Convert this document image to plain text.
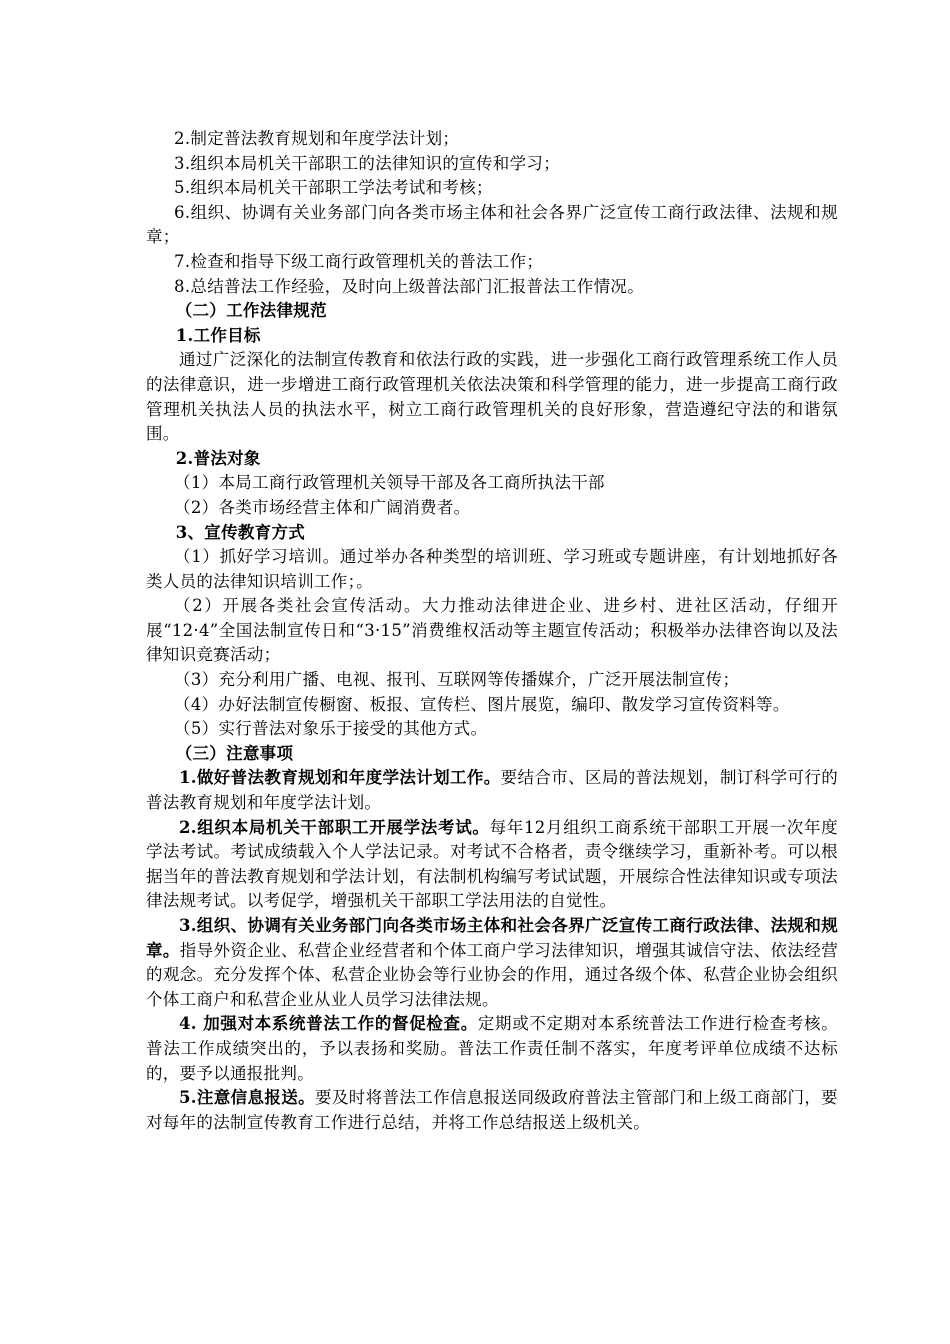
2.制定普法教育规划和年度学法计划；

3.组织本局机关干部职工的法律知识的宣传和学习；

5.组织本局机关干部职工学法考试和考核；

6.组织、协调有关业务部门向各类市场主体和社会各界广泛宣传工商行政法律、法规和规章；

7.检查和指导下级工商行政管理机关的普法工作；

8.总结普法工作经验，及时向上级普法部门汇报普法工作情况。

（二）工作法律规范

1.工作目标

通过广泛深化的法制宣传教育和依法行政的实践，进一步强化工商行政管理系统工作人员的法律意识，进一步增进工商行政管理机关依法决策和科学管理的能力，进一步提高工商行政管理机关执法人员的执法水平，树立工商行政管理机关的良好形象，营造遵纪守法的和谐氛围。

2.普法对象

（1）本局工商行政管理机关领导干部及各工商所执法干部

（2）各类市场经营主体和广阔消费者。

3、宣传教育方式

（1）抓好学习培训。通过举办各种类型的培训班、学习班或专题讲座，有计划地抓好各类人员的法律知识培训工作；。

（2）开展各类社会宣传活动。大力推动法律进企业、进乡村、进社区活动，仔细开展“12·4”全国法制宣传日和“3·15”消费维权活动等主题宣传活动；积极举办法律咨询以及法律知识竞赛活动；

（3）充分利用广播、电视、报刊、互联网等传播媒介，广泛开展法制宣传；

（4）办好法制宣传橱窗、板报、宣传栏、图片展览，编印、散发学习宣传资料等。

（5）实行普法对象乐于接受的其他方式。

（三）注意事项

1.做好普法教育规划和年度学法计划工作。要结合市、区局的普法规划，制订科学可行的普法教育规划和年度学法计划。

2.组织本局机关干部职工开展学法考试。每年12月组织工商系统干部职工开展一次年度学法考试。考试成绩载入个人学法记录。对考试不合格者，责令继续学习，重新补考。可以根据当年的普法教育规划和学法计划，有法制机构编写考试试题，开展综合性法律知识或专项法律法规考试。以考促学，增强机关干部职工学法用法的自觉性。

3.组织、协调有关业务部门向各类市场主体和社会各界广泛宣传工商行政法律、法规和规章。指导外资企业、私营企业经营者和个体工商户学习法律知识，增强其诚信守法、依法经营的观念。充分发挥个体、私营企业协会等行业协会的作用，通过各级个体、私营企业协会组织个体工商户和私营企业从业人员学习法律法规。

4. 加强对本系统普法工作的督促检查。定期或不定期对本系统普法工作进行检查考核。普法工作成绩突出的，予以表扬和奖励。普法工作责任制不落实，年度考评单位成绩不达标的，要予以通报批判。

5.注意信息报送。要及时将普法工作信息报送同级政府普法主管部门和上级工商部门，要对每年的法制宣传教育工作进行总结，并将工作总结报送上级机关。
